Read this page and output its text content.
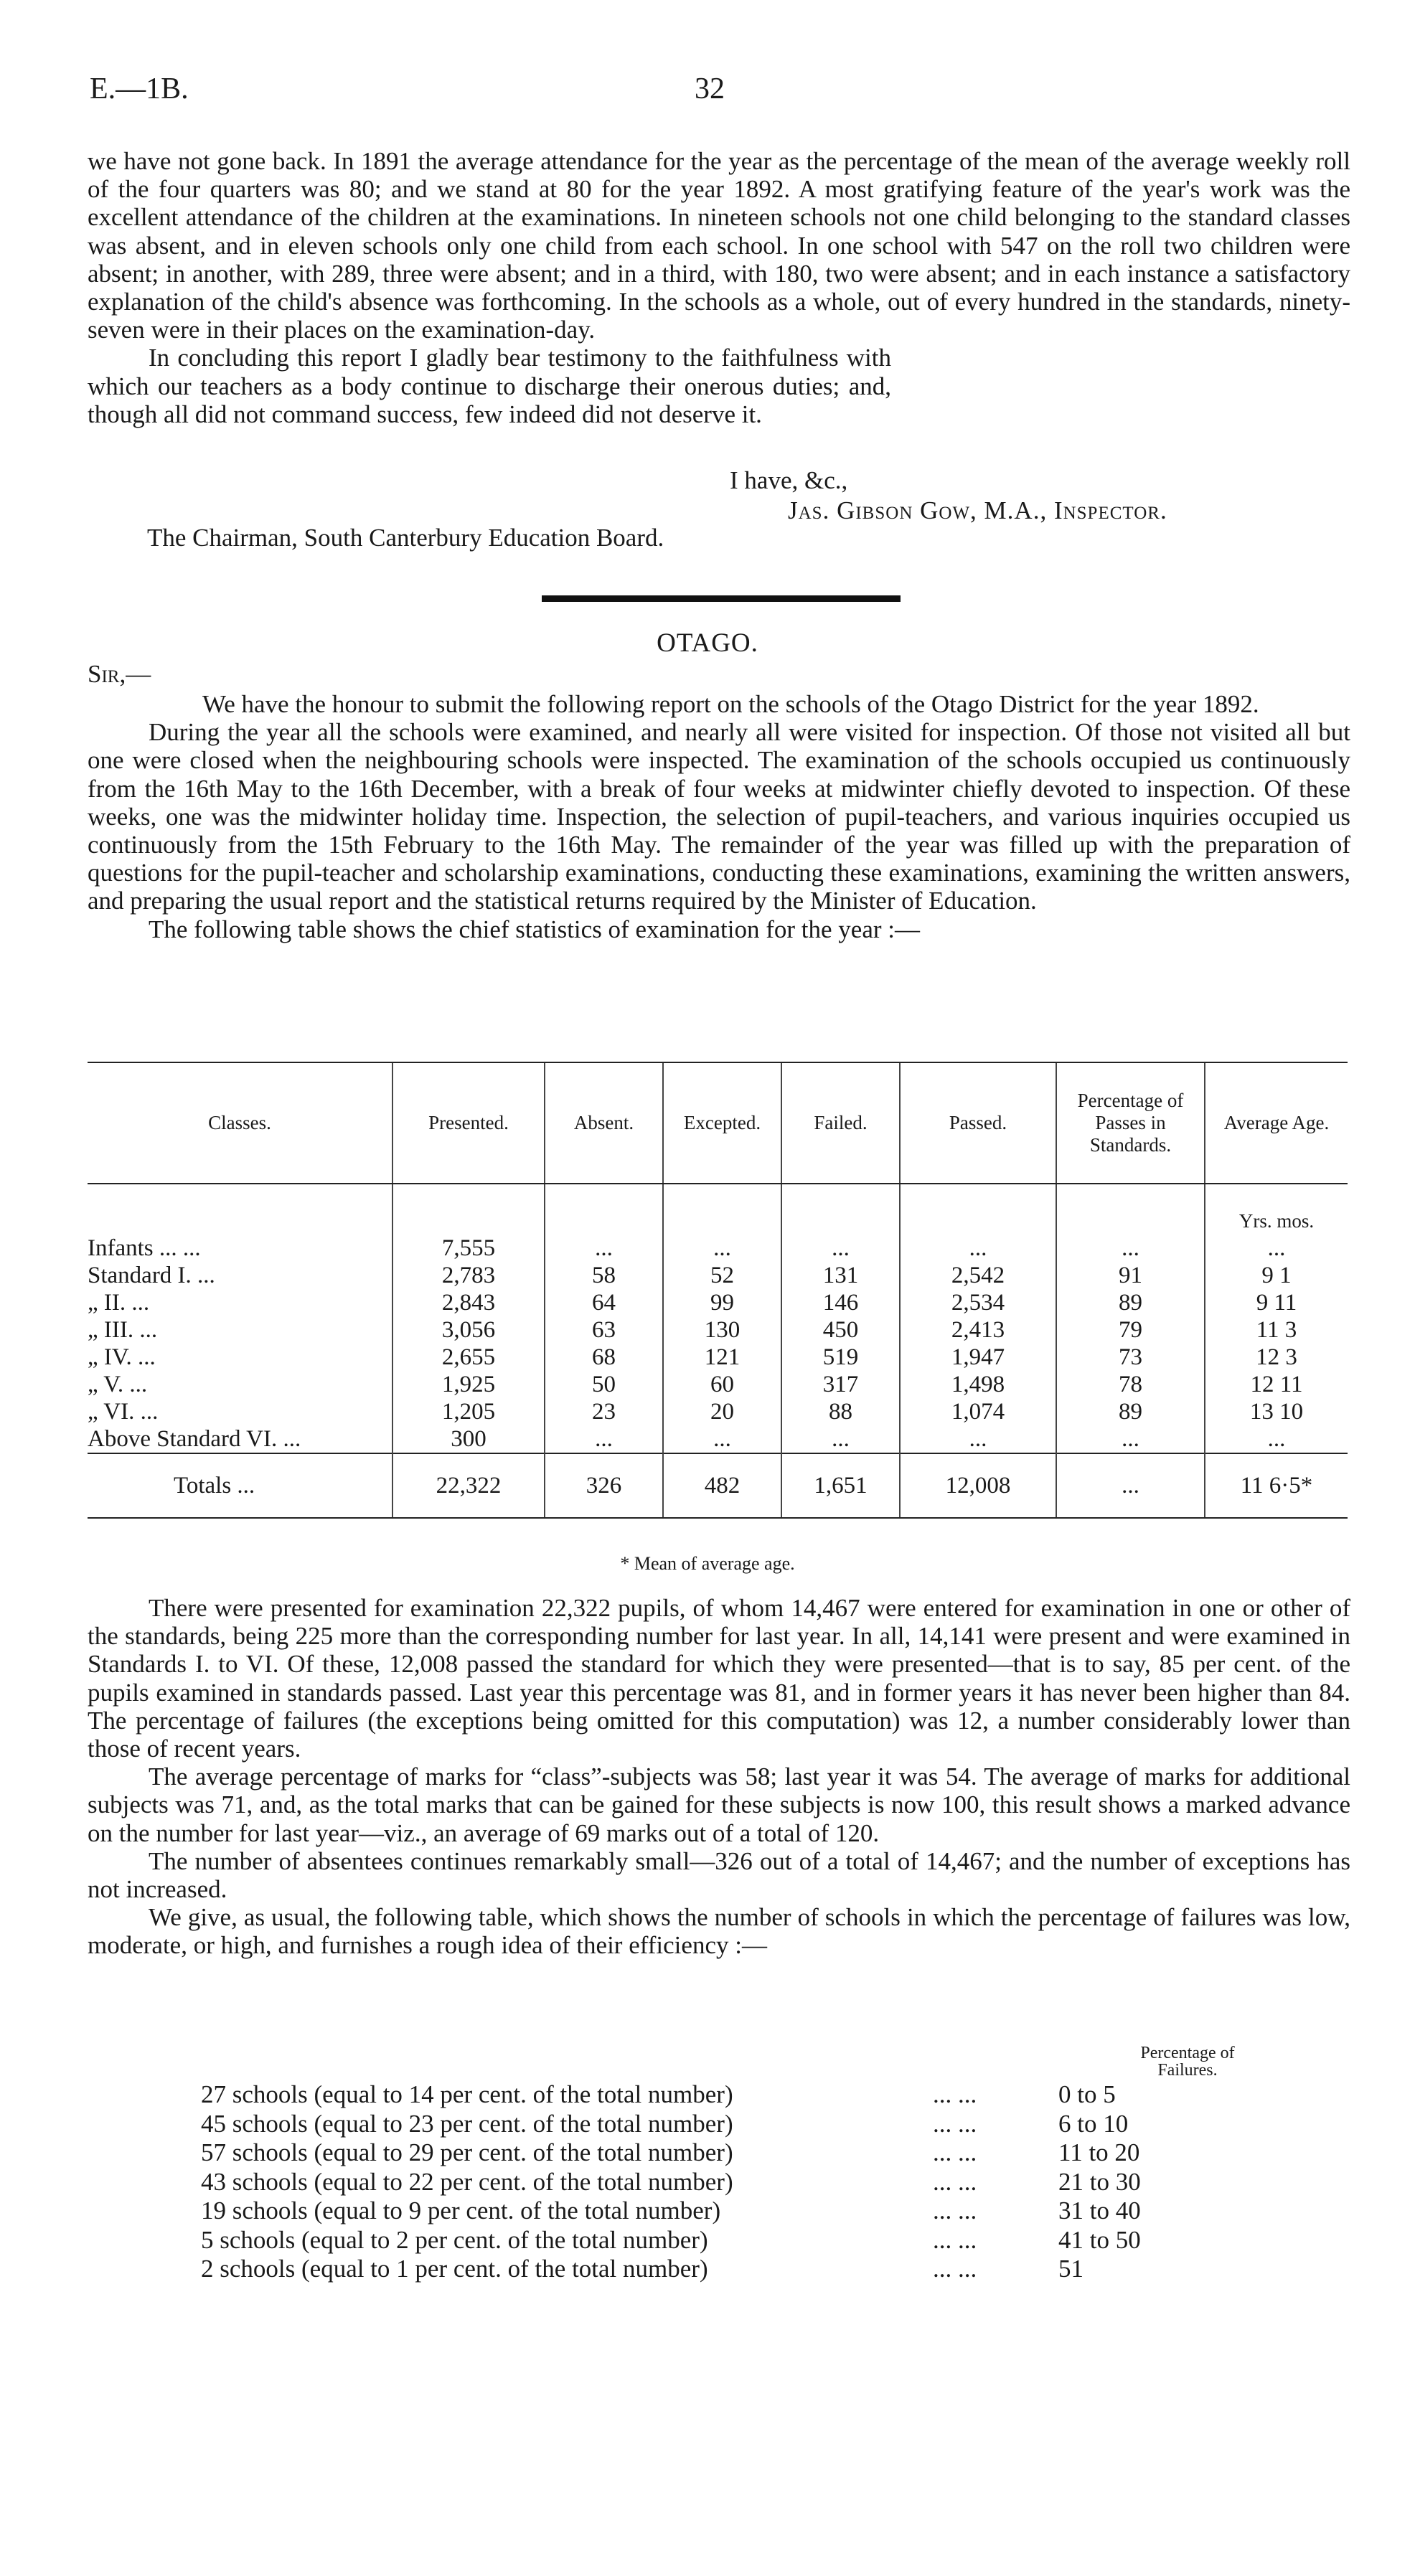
E.—1B.	32

we have not gone back. In 1891 the average attendance for the year as the percentage of the mean of the average weekly roll of the four quarters was 80; and we stand at 80 for the year 1892. A most gratifying feature of the year's work was the excellent attendance of the children at the examinations. In nineteen schools not one child belonging to the standard classes was absent, and in eleven schools only one child from each school. In one school with 547 on the roll two children were absent; in another, with 289, three were absent; and in a third, with 180, two were absent; and in each instance a satisfactory explanation of the child's absence was forthcoming. In the schools as a whole, out of every hundred in the standards, ninety-seven were in their places on the examination-day.

In concluding this report I gladly bear testimony to the faithfulness with which our teachers as a body continue to discharge their onerous duties; and, though all did not command success, few indeed did not deserve it.

I have, &c.,
Jas. Gibson Gow, M.A., Inspector.
The Chairman, South Canterbury Education Board.
OTAGO.
Sir,—

We have the honour to submit the following report on the schools of the Otago District for the year 1892.

During the year all the schools were examined, and nearly all were visited for inspection. Of those not visited all but one were closed when the neighbouring schools were inspected. The examination of the schools occupied us continuously from the 16th May to the 16th December, with a break of four weeks at midwinter chiefly devoted to inspection. Of these weeks, one was the midwinter holiday time. Inspection, the selection of pupil-teachers, and various inquiries occupied us continuously from the 15th February to the 16th May. The remainder of the year was filled up with the preparation of questions for the pupil-teacher and scholarship examinations, conducting these examinations, examining the written answers, and preparing the usual report and the statistical returns required by the Minister of Education.

The following table shows the chief statistics of examination for the year :—

Classes.	Presented.	Absent.	Excepted.	Failed.	Passed.	Percentage of Passes in Standards.	Average Age.
							Yrs. mos.
Infants ... ...	7,555	...	...	...	...	...	...
Standard I. ...	2,783	58	52	131	2,542	91	9 1
„ II. ...	2,843	64	99	146	2,534	89	9 11
„ III. ...	3,056	63	130	450	2,413	79	11 3
„ IV. ...	2,655	68	121	519	1,947	73	12 3
„ V. ...	1,925	50	60	317	1,498	78	12 11
„ VI. ...	1,205	23	20	88	1,074	89	13 10
Above Standard VI. ...	300	...	...	...	...	...	...
Totals ...	22,322	326	482	1,651	12,008	...	11 6·5*
* Mean of average age.

There were presented for examination 22,322 pupils, of whom 14,467 were entered for examination in one or other of the standards, being 225 more than the corresponding number for last year. In all, 14,141 were present and were examined in Standards I. to VI. Of these, 12,008 passed the standard for which they were presented—that is to say, 85 per cent. of the pupils examined in standards passed. Last year this percentage was 81, and in former years it has never been higher than 84. The percentage of failures (the exceptions being omitted for this computation) was 12, a number considerably lower than those of recent years.

The average percentage of marks for “class”-subjects was 58; last year it was 54. The average of marks for additional subjects was 71, and, as the total marks that can be gained for these subjects is now 100, this result shows a marked advance on the number for last year—viz., an average of 69 marks out of a total of 120.

The number of absentees continues remarkably small—326 out of a total of 14,467; and the number of exceptions has not increased.

We give, as usual, the following table, which shows the number of schools in which the percentage of failures was low, moderate, or high, and furnishes a rough idea of their efficiency :—

Percentage of Failures.
27 schools (equal to 14 per cent. of the total number)	... ...	0 to 5
45 schools (equal to 23 per cent. of the total number)	... ...	6 to 10
57 schools (equal to 29 per cent. of the total number)	... ...	11 to 20
43 schools (equal to 22 per cent. of the total number)	... ...	21 to 30
19 schools (equal to 9 per cent. of the total number)	... ...	31 to 40
5 schools (equal to 2 per cent. of the total number)	... ...	41 to 50
2 schools (equal to 1 per cent. of the total number)	... ...	51
